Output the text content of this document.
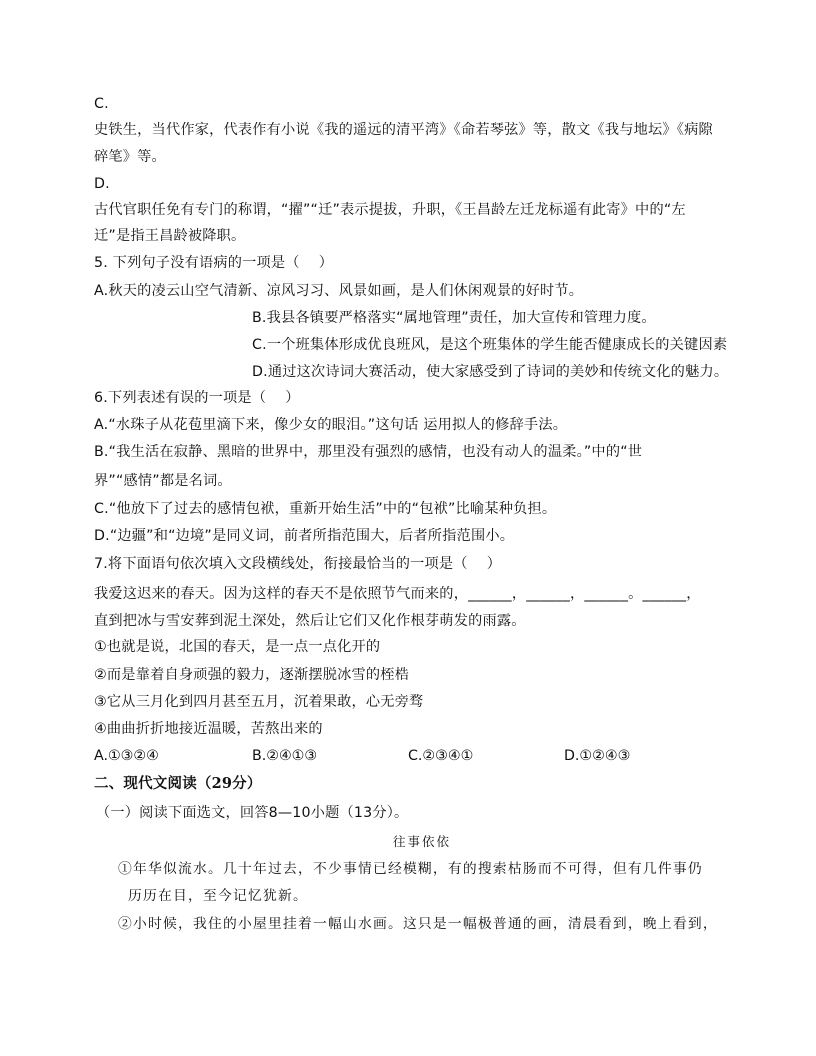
C.
史铁生，当代作家，代表作有小说《我的遥远的清平湾》《命若琴弦》等，散文《我与地坛》《病隙
碎笔》等。
D.
古代官职任免有专门的称谓，“擢”“迁”表示提拔，升职，《王昌龄左迁龙标遥有此寄》中的“左
迁”是指王昌龄被降职。
5. 下列句子没有语病的一项是（　 ）
A.秋天的凌云山空气清新、凉风习习、风景如画，是人们休闲观景的好时节。
B.我县各镇要严格落实“属地管理”责任，加大宣传和管理力度。
C.一个班集体形成优良班风，是这个班集体的学生能否健康成长的关键因素
D.通过这次诗词大赛活动，使大家感受到了诗词的美妙和传统文化的魅力。
6.下列表述有误的一项是（　 ）
A.“水珠子从花苞里滴下来，像少女的眼泪。”这句话 运用拟人的修辞手法。
B.“我生活在寂静、黑暗的世界中，那里没有强烈的感情，也没有动人的温柔。”中的“世
界”“感情”都是名词。
C.“他放下了过去的感情包袱，重新开始生活”中的“包袱”比喻某种负担。
D.“边疆”和“边境”是同义词，前者所指范围大，后者所指范围小。
7.将下面语句依次填入文段横线处，衔接最恰当的一项是（　 ）
我爱这迟来的春天。因为这样的春天不是依照节气而来的，______，______，______。______，
直到把冰与雪安葬到泥土深处，然后让它们又化作根芽萌发的雨露。
①也就是说，北国的春天，是一点一点化开的
②而是靠着自身顽强的毅力，逐渐摆脱冰雪的桎梏
③它从三月化到四月甚至五月，沉着果敢，心无旁骛
④曲曲折折地接近温暖，苦熬出来的
A.①③②④	B.②④①③	C.②③④①	D.①②④③
二、现代文阅读（29分）
（一）阅读下面选文，回答8—10小题（13分）。
往事依依
①年华似流水。几十年过去，不少事情已经模糊，有的搜索枯肠而不可得，但有几件事仍
历历在目，至今记忆犹新。
②小时候，我住的小屋里挂着一幅山水画。这只是一幅极普通的画，清晨看到，晚上看到，
